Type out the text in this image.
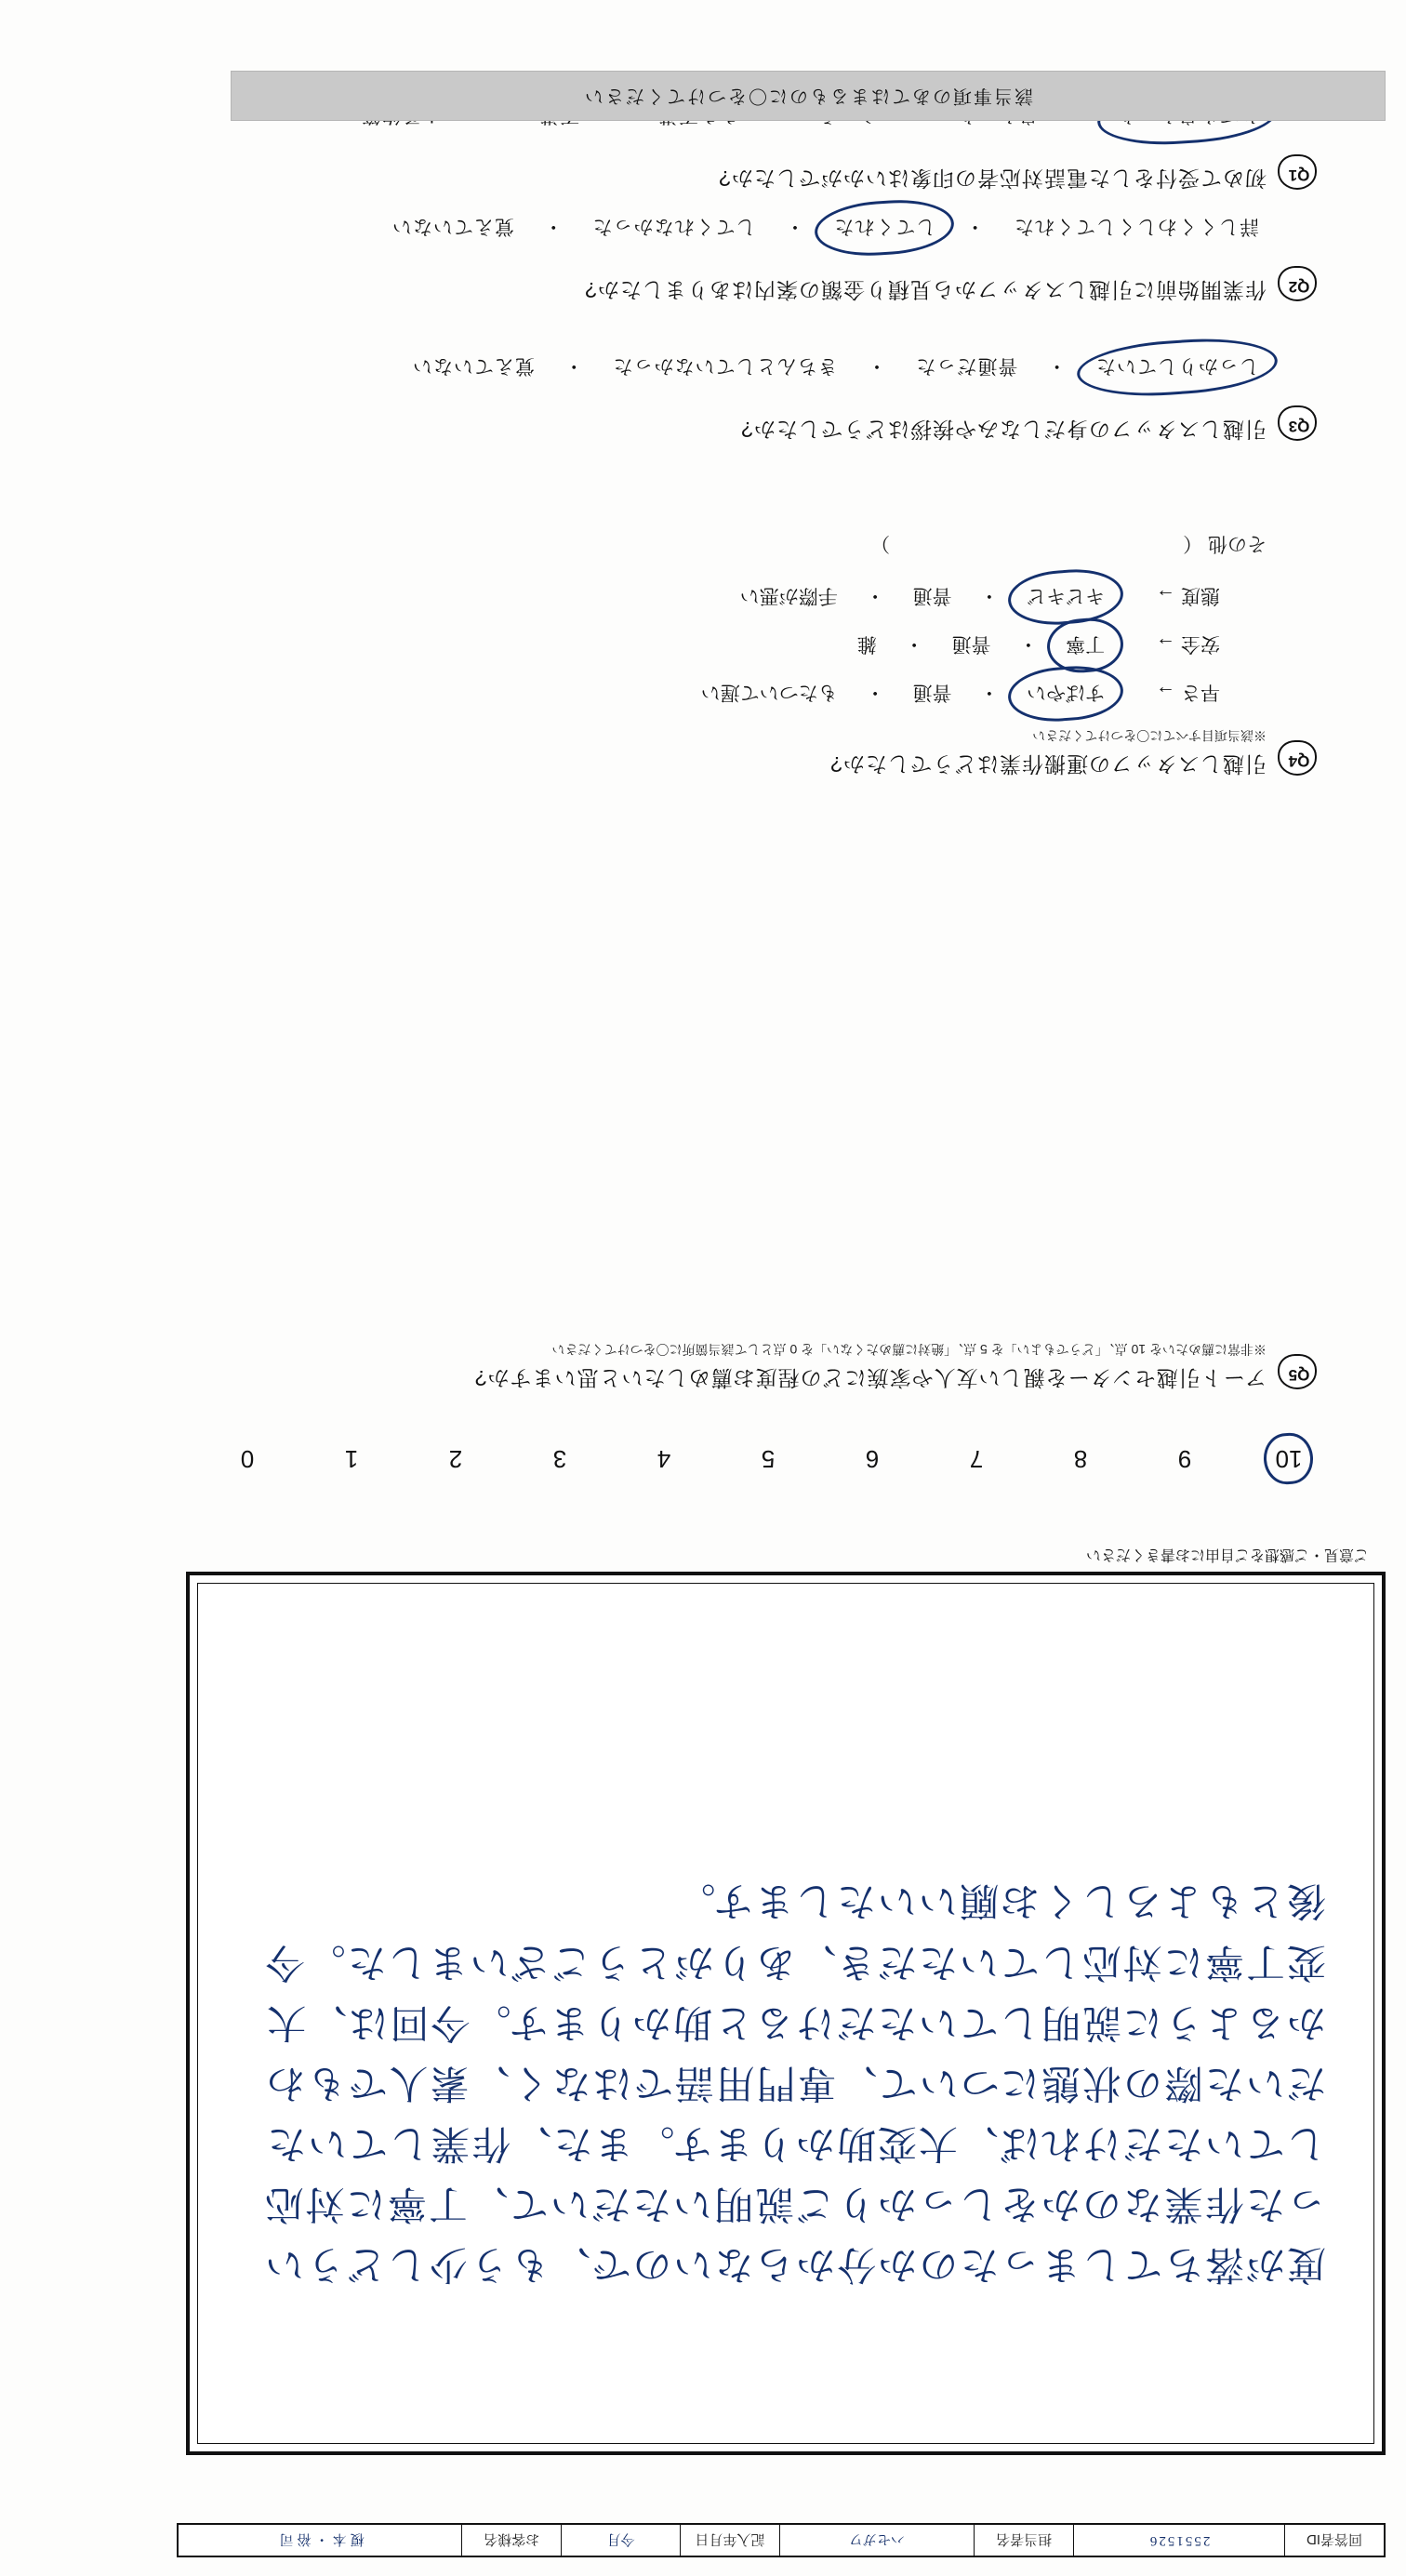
回答者ID	2551526	担当者名	ハセガワ	記入年月日	今月	お客様名	榎本・裕司
度が落ちてしまったのか分からないので、もう少しどういった作業なのかをしっかりご説明いただいて、丁寧に対応していただければ、大変助かります。また、作業していただいた際の状態について、専門用語ではなく、素人でもわかるように説明していただけると助かります。今回は、大変丁寧に対応していただき、ありがとうございました。今後ともよろしくお願いいたします。
ご意見・ご感想をご自由にお書きください
10
9
8
7
6
5
4
3
2
1
0
Q5
アート引越センターを親しい友人や家族にどの程度お薦めしたいと思いますか?
※非常に薦めたいを 10 点、「どうでもよい」を 5 点、「絶対に薦めたくない」を 0 点として該当箇所に〇をつけてください
Q4
引越しスタッフの運搬作業はどうでしたか?
※該当項目すべてに〇をつけてください
早さ → すばやい ・ 普通 ・ もたついて遅い
安全 → 丁寧 ・ 普通 ・ 雑
態度 → キビキビ ・ 普通 ・ 手際が悪い
その他 （　　　　　　　　　　　　　　　）
Q3
引越しスタッフの身だしなみや挨拶はどうでしたか?
しっかりしていた ・ 普通だった ・ きちんとしていなかった ・ 覚えていない
Q2
作業開始前に引越しスタッフから見積り金額の案内はありましたか?
詳しくくわしくしてくれた ・ してくれた ・ してくれなかった ・ 覚えていない
Q1
初めて受付をした電話対応者の印象はいかがでしたか?

該当事項のあてはまるものに〇をつけてください
